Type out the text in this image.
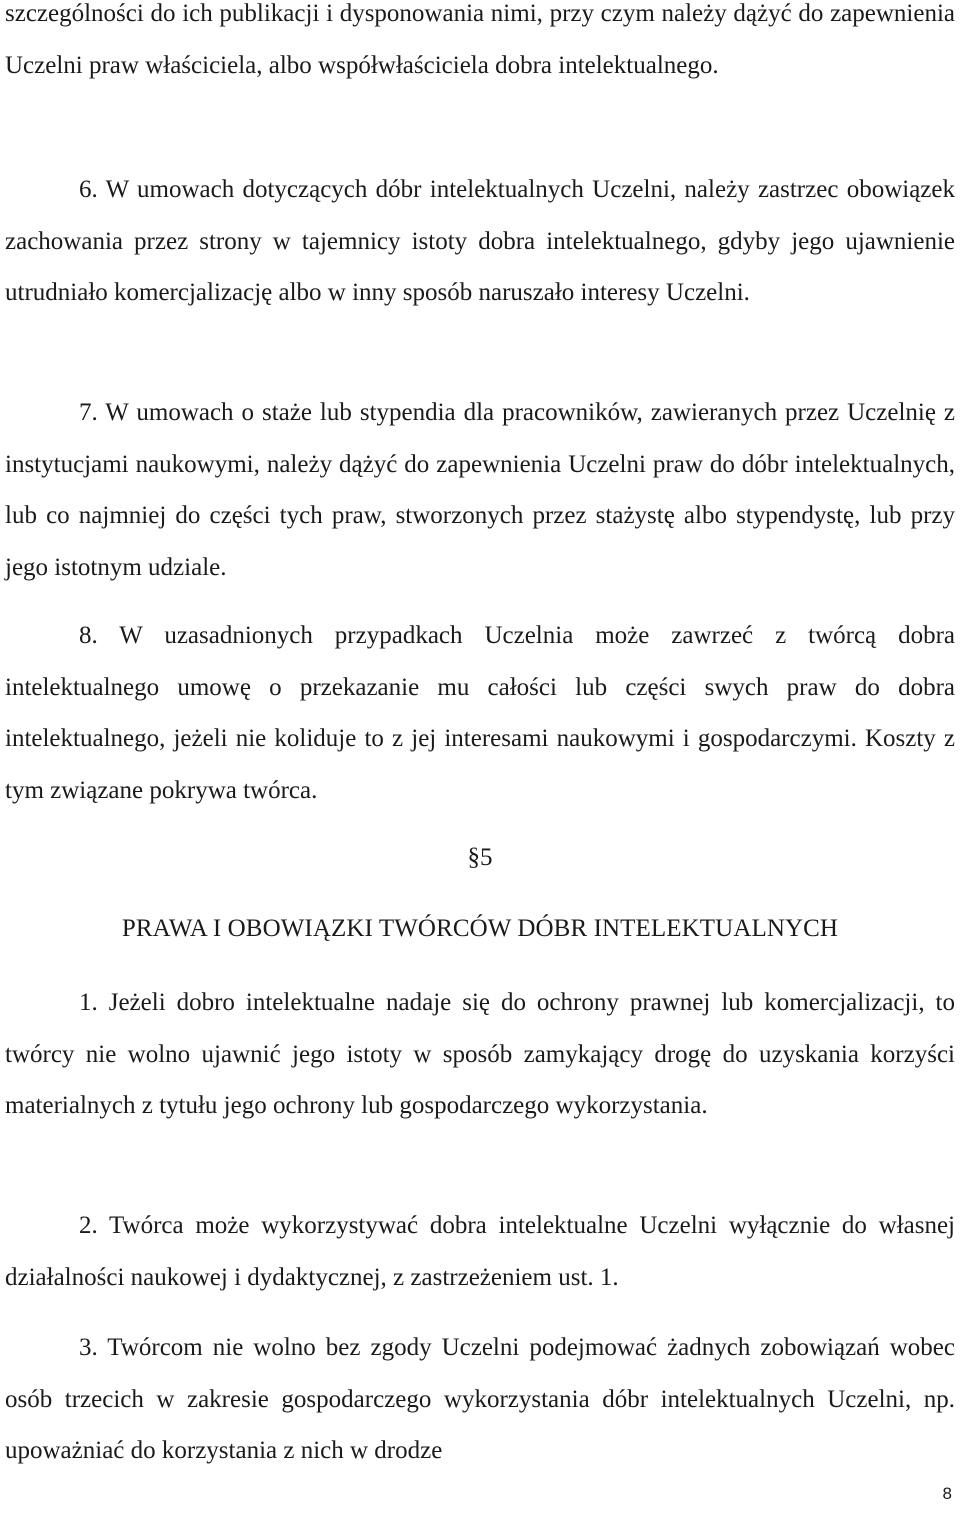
szczególności do ich publikacji i dysponowania nimi, przy czym należy dążyć do zapewnienia Uczelni praw właściciela, albo współwłaściciela dobra intelektualnego.

6. W umowach dotyczących dóbr intelektualnych Uczelni, należy zastrzec obowiązek zachowania przez strony w tajemnicy istoty dobra intelektualnego, gdyby jego ujawnienie utrudniało komercjalizację albo w inny sposób naruszało interesy Uczelni.

7. W umowach o staże lub stypendia dla pracowników, zawieranych przez Uczelnię z instytucjami naukowymi, należy dążyć do zapewnienia Uczelni praw do dóbr intelektualnych, lub co najmniej do części tych praw, stworzonych przez stażystę albo stypendystę, lub przy jego istotnym udziale.

8. W uzasadnionych przypadkach Uczelnia może zawrzeć z twórcą dobra intelektualnego umowę o przekazanie mu całości lub części swych praw do dobra intelektualnego, jeżeli nie koliduje to z jej interesami naukowymi i gospodarczymi. Koszty z tym związane pokrywa twórca.

§5

PRAWA I OBOWIĄZKI TWÓRCÓW DÓBR INTELEKTUALNYCH

1. Jeżeli dobro intelektualne nadaje się do ochrony prawnej lub komercjalizacji, to twórcy nie wolno ujawnić jego istoty w sposób zamykający drogę do uzyskania korzyści materialnych z tytułu jego ochrony lub gospodarczego wykorzystania.

2. Twórca może wykorzystywać dobra intelektualne Uczelni wyłącznie do własnej działalności naukowej i dydaktycznej, z zastrzeżeniem ust. 1.

3. Twórcom nie wolno bez zgody Uczelni podejmować żadnych zobowiązań wobec osób trzecich w zakresie gospodarczego wykorzystania dóbr intelektualnych Uczelni, np. upoważniać do korzystania z nich w drodze

8
